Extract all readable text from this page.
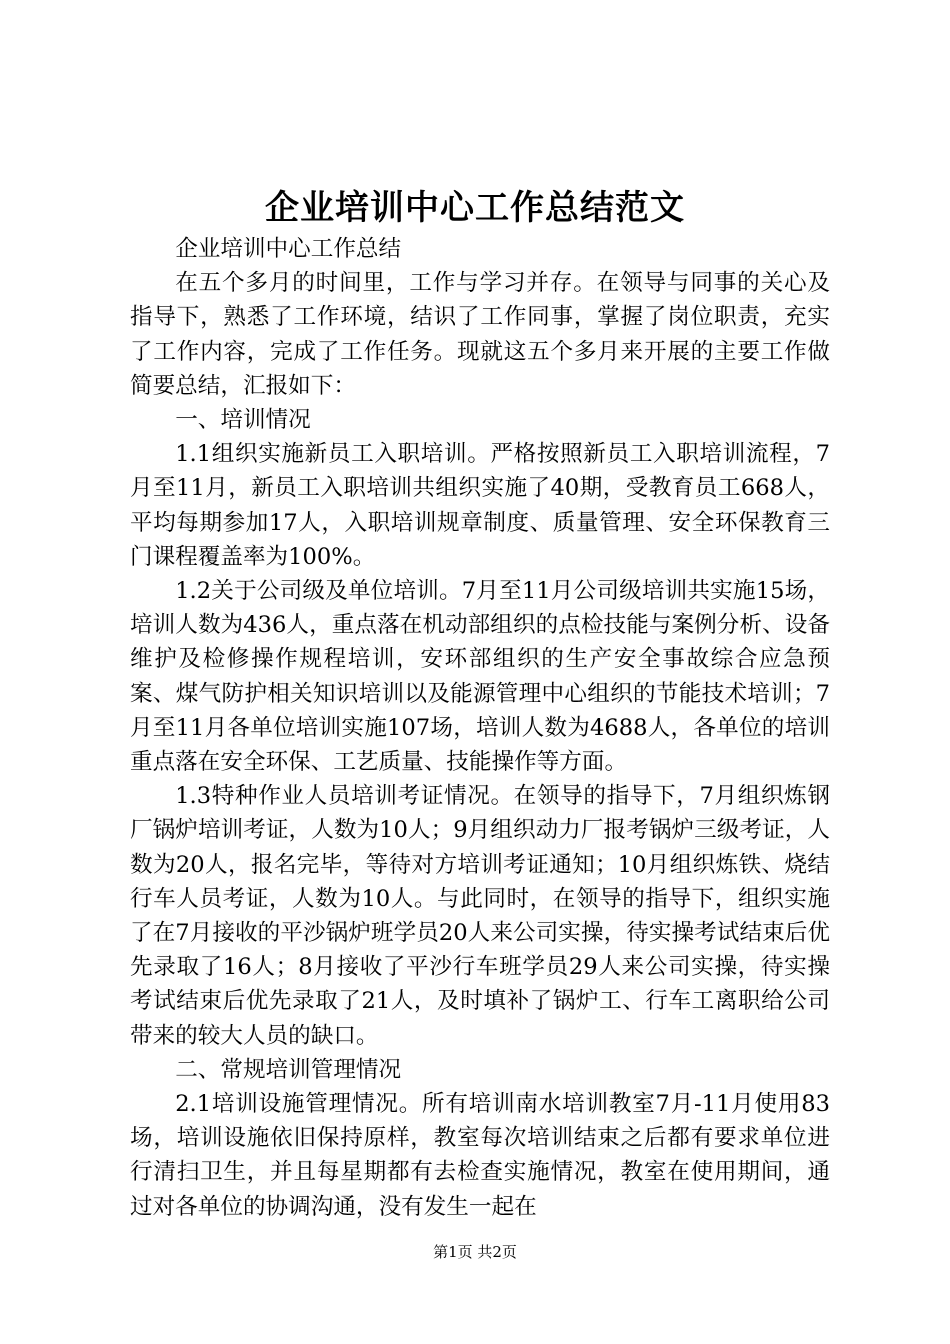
企业培训中心工作总结范文

企业培训中心工作总结

在五个多月的时间里，工作与学习并存。在领导与同事的关心及指导下，熟悉了工作环境，结识了工作同事，掌握了岗位职责，充实了工作内容，完成了工作任务。现就这五个多月来开展的主要工作做简要总结，汇报如下：

一、培训情况

1.1组织实施新员工入职培训。严格按照新员工入职培训流程，7月至11月，新员工入职培训共组织实施了40期，受教育员工668人，平均每期参加17人，入职培训规章制度、质量管理、安全环保教育三门课程覆盖率为100%。

1.2关于公司级及单位培训。7月至11月公司级培训共实施15场，培训人数为436人，重点落在机动部组织的点检技能与案例分析、设备维护及检修操作规程培训，安环部组织的生产安全事故综合应急预案、煤气防护相关知识培训以及能源管理中心组织的节能技术培训；7月至11月各单位培训实施107场，培训人数为4688人，各单位的培训重点落在安全环保、工艺质量、技能操作等方面。

1.3特种作业人员培训考证情况。在领导的指导下，7月组织炼钢厂锅炉培训考证，人数为10人；9月组织动力厂报考锅炉三级考证，人数为20人，报名完毕，等待对方培训考证通知；10月组织炼铁、烧结行车人员考证，人数为10人。与此同时，在领导的指导下，组织实施了在7月接收的平沙锅炉班学员20人来公司实操，待实操考试结束后优先录取了16人；8月接收了平沙行车班学员29人来公司实操，待实操考试结束后优先录取了21人，及时填补了锅炉工、行车工离职给公司带来的较大人员的缺口。

二、常规培训管理情况

2.1培训设施管理情况。所有培训南水培训教室7月-11月使用83场，培训设施依旧保持原样，教室每次培训结束之后都有要求单位进行清扫卫生，并且每星期都有去检查实施情况，教室在使用期间，通过对各单位的协调沟通，没有发生一起在

第1页 共2页
